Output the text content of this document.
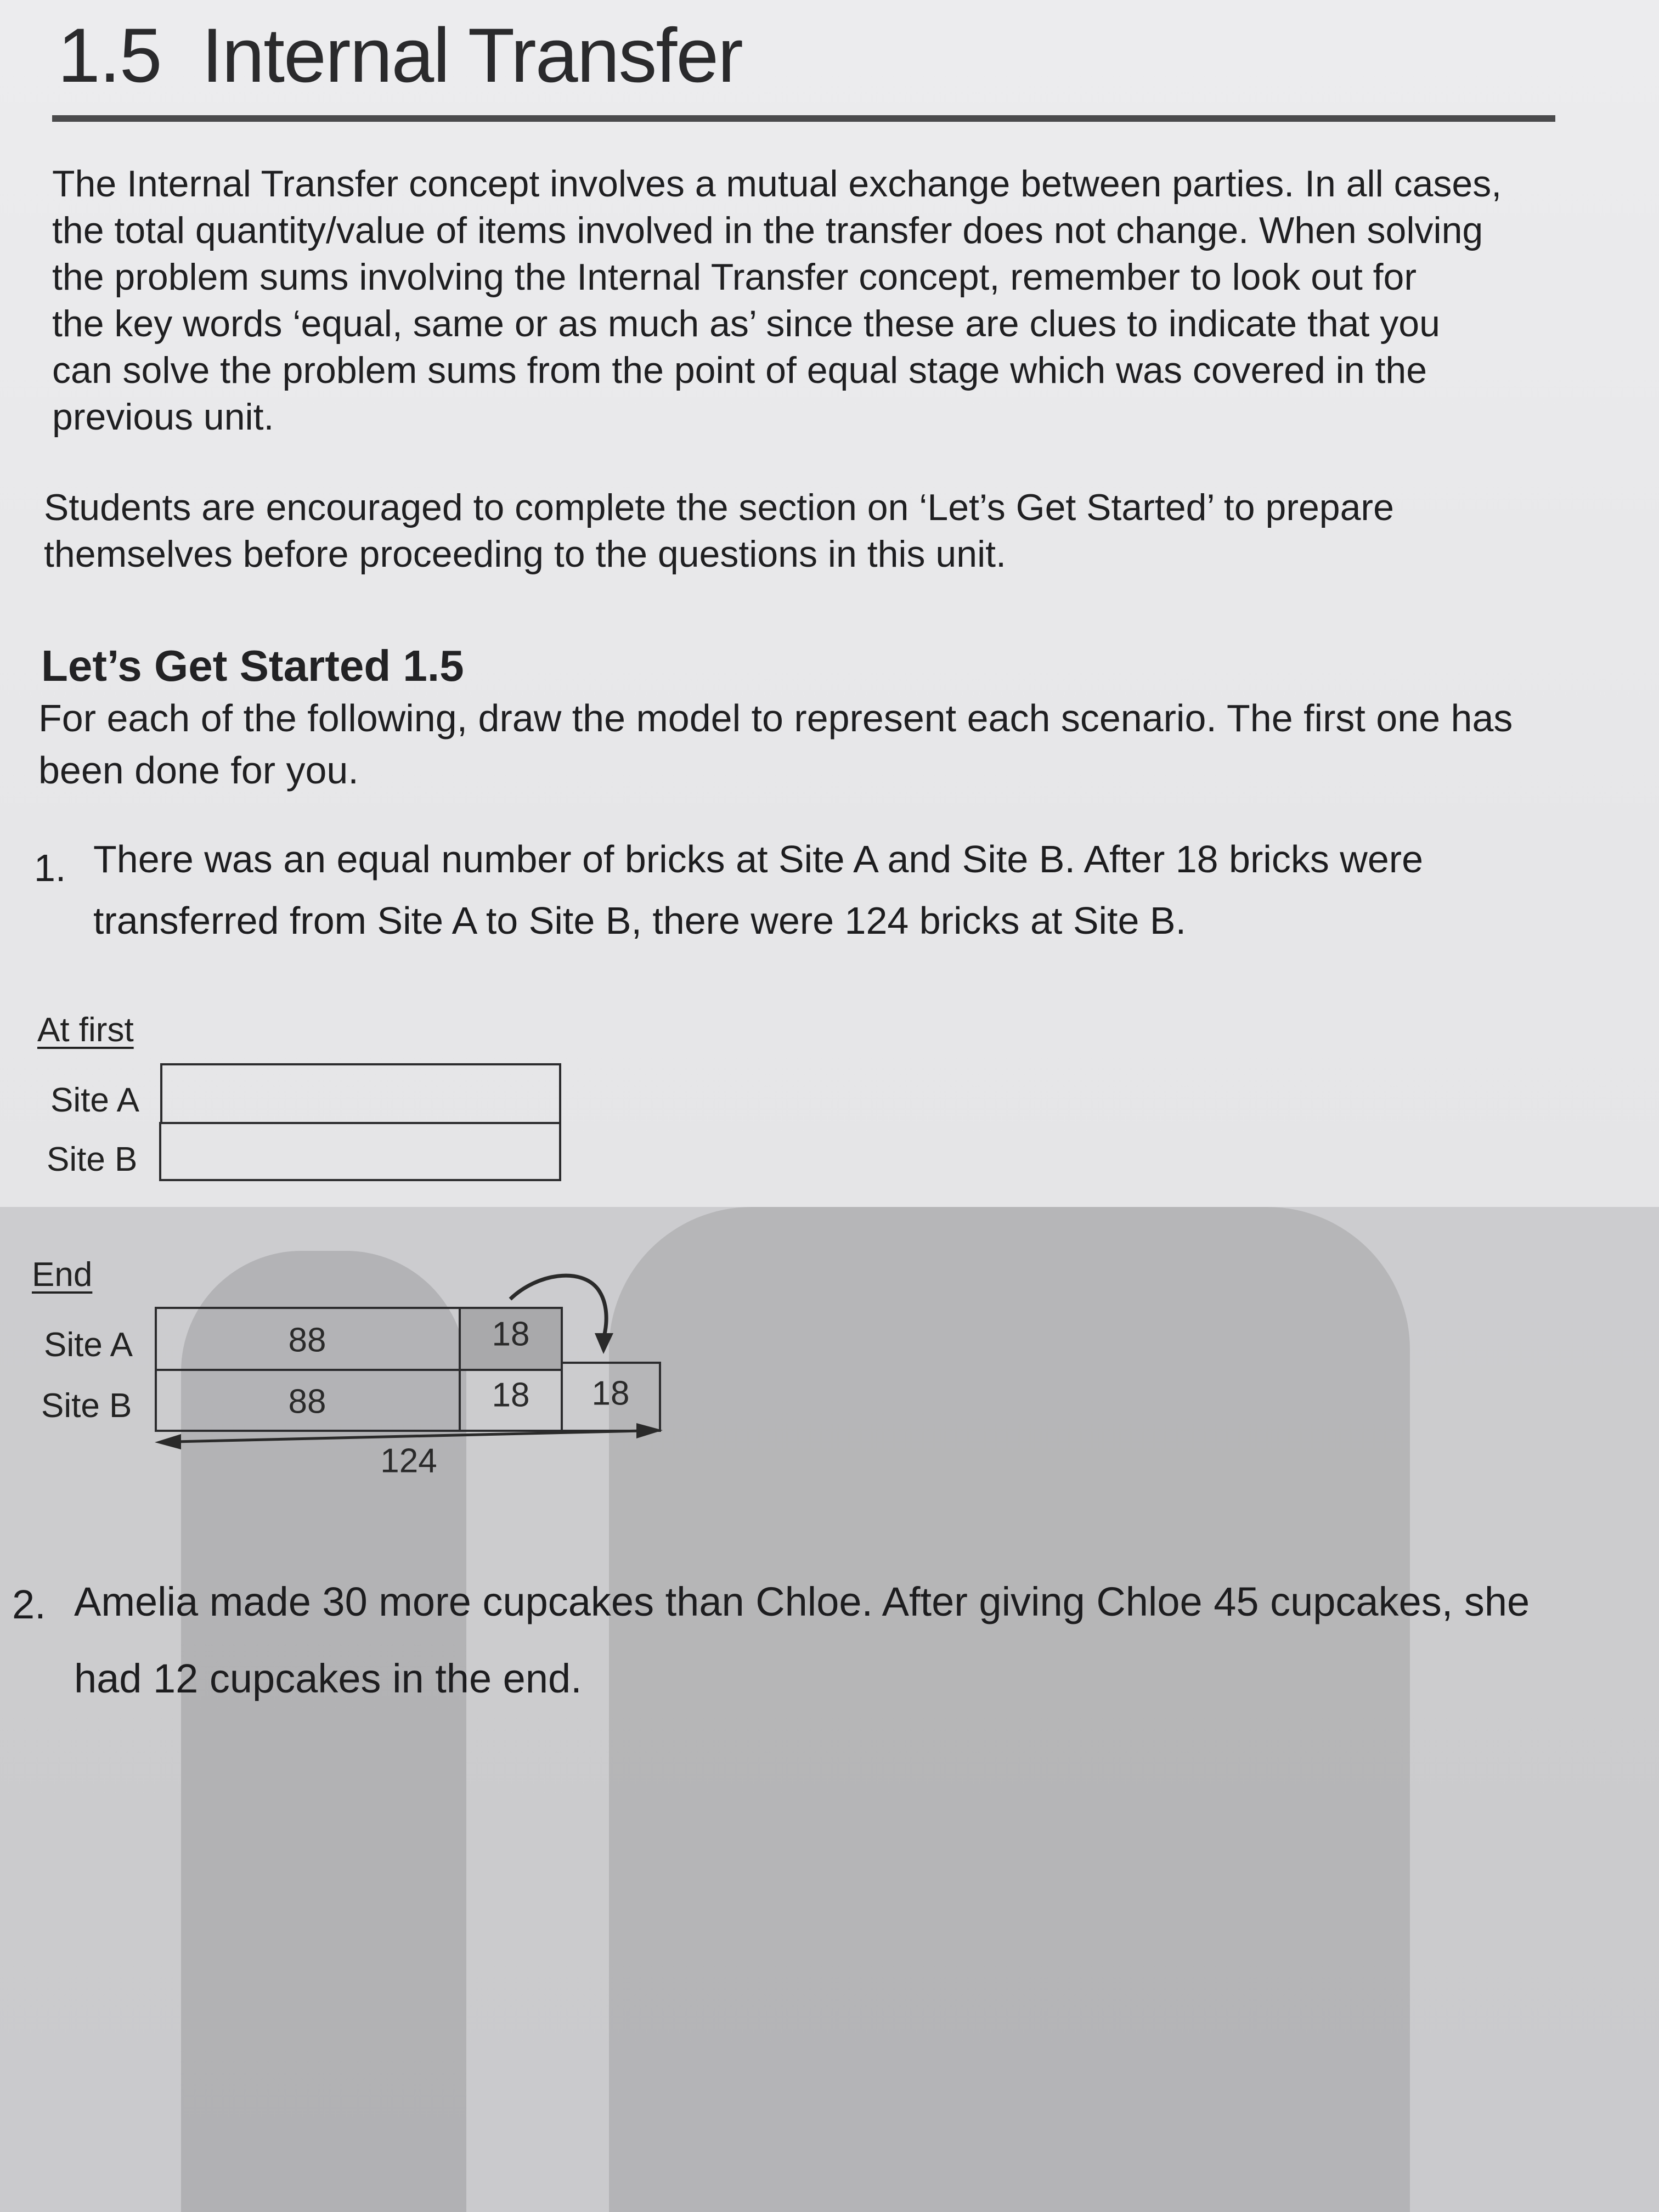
1.5 Internal Transfer
The Internal Transfer concept involves a mutual exchange between parties. In all cases,
the total quantity/value of items involved in the transfer does not change. When solving
the problem sums involving the Internal Transfer concept, remember to look out for
the key words ‘equal, same or as much as’ since these are clues to indicate that you
can solve the problem sums from the point of equal stage which was covered in the
previous unit.
Students are encouraged to complete the section on ‘Let’s Get Started’ to prepare
themselves before proceeding to the questions in this unit.
Let’s Get Started 1.5
For each of the following, draw the model to represent each scenario. The first one has
been done for you.
1. There was an equal number of bricks at Site A and Site B. After 18 bricks were
transferred from Site A to Site B, there were 124 bricks at Site B.
At first
Site A
Site B
End
Site A
Site B
88	18
88	18 18
124
2. Amelia made 30 more cupcakes than Chloe. After giving Chloe 45 cupcakes, she
had 12 cupcakes in the end.
